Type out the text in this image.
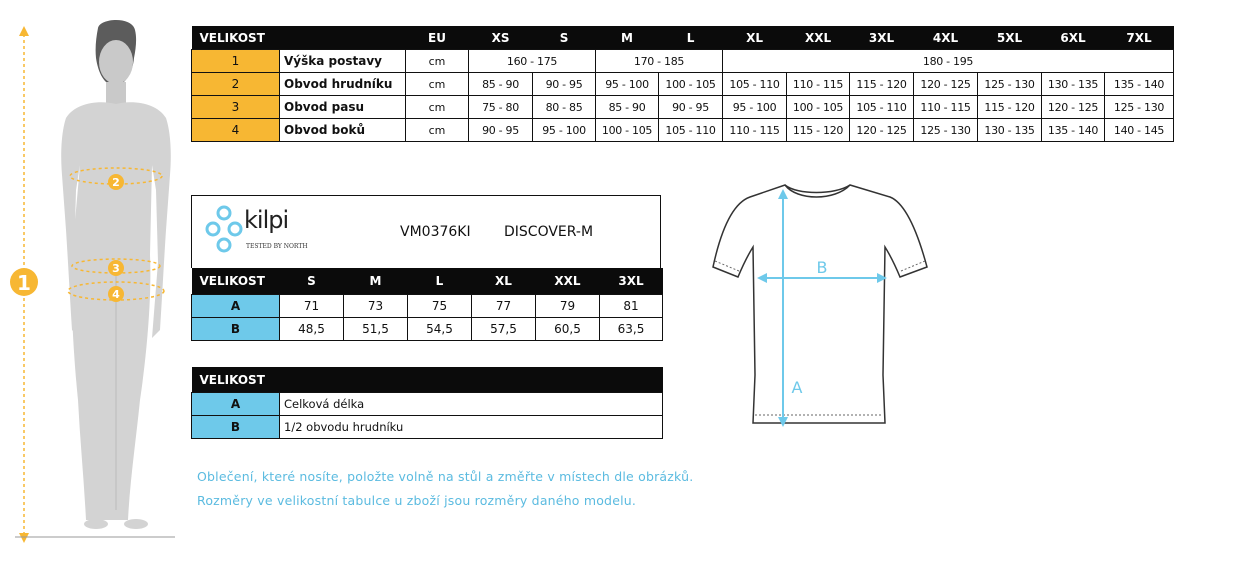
1
2
3
4
VELIKOST		EU	XS	S	M	L	XL	XXL	3XL	4XL	5XL	6XL	7XL
1	Výška postavy	cm	160 - 175		170 - 185		180 - 195						
2	Obvod hrudníku	cm	85 - 90	90 - 95	95 - 100	100 - 105	105 - 110	110 - 115	115 - 120	120 - 125	125 - 130	130 - 135	135 - 140
3	Obvod pasu	cm	75 - 80	80 - 85	85 - 90	90 - 95	95 - 100	100 - 105	105 - 110	110 - 115	115 - 120	120 - 125	125 - 130
4	Obvod boků	cm	90 - 95	95 - 100	100 - 105	105 - 110	110 - 115	115 - 120	120 - 125	125 - 130	130 - 135	135 - 140	140 - 145
kilpi
TESTED BY NORTH
VM0376KI DISCOVER-M
VELIKOST	S	M	L	XL	XXL	3XL
A	71	73	75	77	79	81
B	48,5	51,5	54,5	57,5	60,5	63,5
VELIKOST	
A	Celková délka
B	1/2 obvodu hrudníku
B
A
Oblečení, které nosíte, položte volně na stůl a změřte v místech dle obrázků.
Rozměry ve velikostní tabulce u zboží jsou rozměry daného modelu.
